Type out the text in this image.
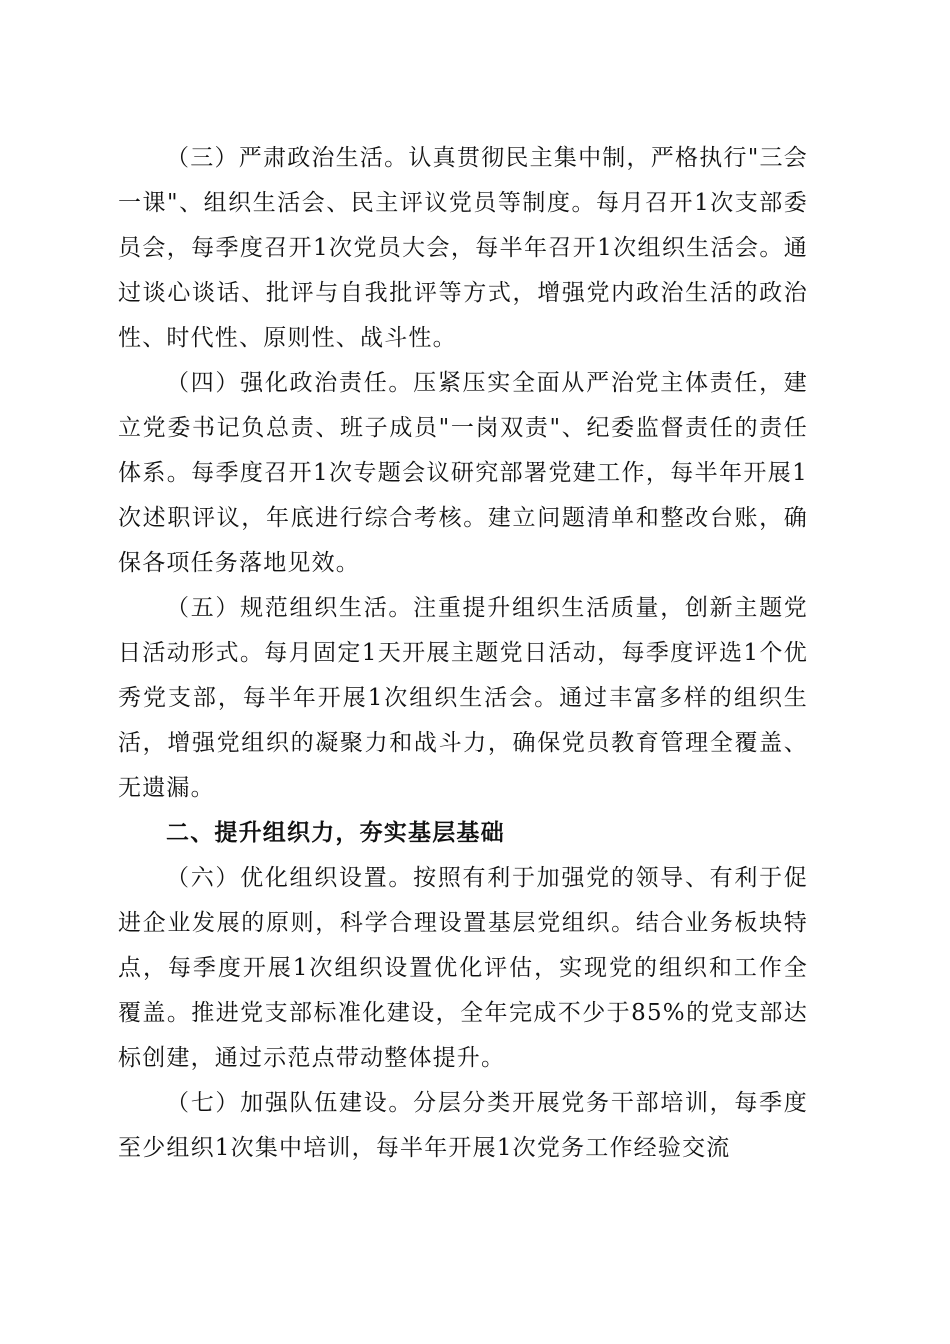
（三）严肃政治生活。认真贯彻民主集中制，严格执行"三会一课"、组织生活会、民主评议党员等制度。每月召开1次支部委员会，每季度召开1次党员大会，每半年召开1次组织生活会。通过谈心谈话、批评与自我批评等方式，增强党内政治生活的政治性、时代性、原则性、战斗性。

（四）强化政治责任。压紧压实全面从严治党主体责任，建立党委书记负总责、班子成员"一岗双责"、纪委监督责任的责任体系。每季度召开1次专题会议研究部署党建工作，每半年开展1次述职评议，年底进行综合考核。建立问题清单和整改台账，确保各项任务落地见效。

（五）规范组织生活。注重提升组织生活质量，创新主题党日活动形式。每月固定1天开展主题党日活动，每季度评选1个优秀党支部，每半年开展1次组织生活会。通过丰富多样的组织生活，增强党组织的凝聚力和战斗力，确保党员教育管理全覆盖、无遗漏。

二、提升组织力，夯实基层基础

（六）优化组织设置。按照有利于加强党的领导、有利于促进企业发展的原则，科学合理设置基层党组织。结合业务板块特点，每季度开展1次组织设置优化评估，实现党的组织和工作全覆盖。推进党支部标准化建设，全年完成不少于85%的党支部达标创建，通过示范点带动整体提升。

（七）加强队伍建设。分层分类开展党务干部培训，每季度至少组织1次集中培训，每半年开展1次党务工作经验交流
